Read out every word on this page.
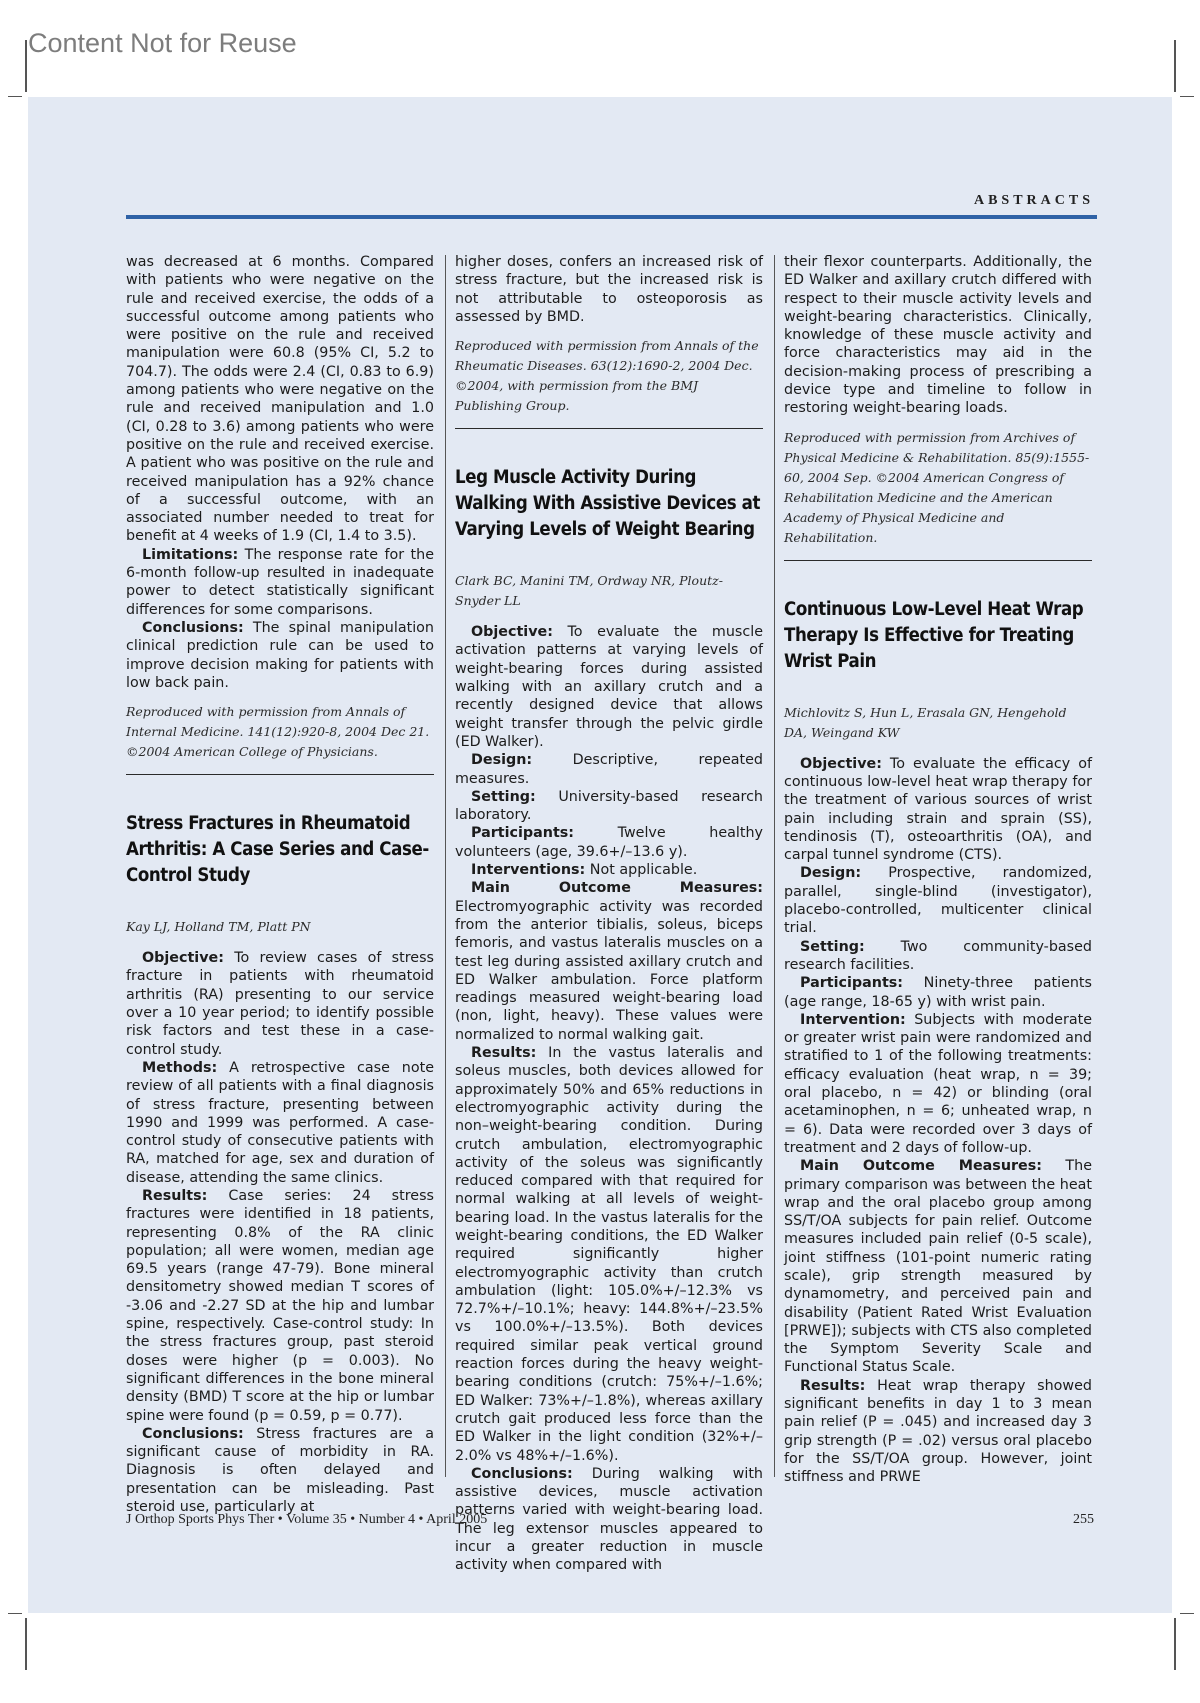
Content Not for Reuse
ABSTRACTS

was decreased at 6 months. Compared with patients who were negative on the rule and received exercise, the odds of a successful outcome among patients who were positive on the rule and received manipulation were 60.8 (95% CI, 5.2 to 704.7). The odds were 2.4 (CI, 0.83 to 6.9) among patients who were negative on the rule and received manipulation and 1.0 (CI, 0.28 to 3.6) among patients who were positive on the rule and received exercise. A patient who was positive on the rule and received manipulation has a 92% chance of a successful outcome, with an associated number needed to treat for benefit at 4 weeks of 1.9 (CI, 1.4 to 3.5).

Limitations: The response rate for the 6-month follow-up resulted in inadequate power to detect statistically significant differences for some comparisons.

Conclusions: The spinal manipulation clinical prediction rule can be used to improve decision making for patients with low back pain.

Reproduced with permission from Annals of Internal Medicine. 141(12):920-8, 2004 Dec 21. ©2004 American College of Physicians.
Stress Fractures in Rheumatoid Arthritis: A Case Series and Case-Control Study
Kay LJ, Holland TM, Platt PN

Objective: To review cases of stress fracture in patients with rheumatoid arthritis (RA) presenting to our service over a 10 year period; to identify possible risk factors and test these in a case-control study.

Methods: A retrospective case note review of all patients with a final diagnosis of stress fracture, presenting between 1990 and 1999 was performed. A case-control study of consecutive patients with RA, matched for age, sex and duration of disease, attending the same clinics.

Results: Case series: 24 stress fractures were identified in 18 patients, representing 0.8% of the RA clinic population; all were women, median age 69.5 years (range 47-79). Bone mineral densitometry showed median T scores of -3.06 and -2.27 SD at the hip and lumbar spine, respectively. Case-control study: In the stress fractures group, past steroid doses were higher (p = 0.003). No significant differences in the bone mineral density (BMD) T score at the hip or lumbar spine were found (p = 0.59, p = 0.77).

Conclusions: Stress fractures are a significant cause of morbidity in RA. Diagnosis is often delayed and presentation can be misleading. Past steroid use, particularly at

higher doses, confers an increased risk of stress fracture, but the increased risk is not attributable to osteoporosis as assessed by BMD.

Reproduced with permission from Annals of the Rheumatic Diseases. 63(12):1690-2, 2004 Dec. ©2004, with permission from the BMJ Publishing Group.
Leg Muscle Activity During Walking With Assistive Devices at Varying Levels of Weight Bearing
Clark BC, Manini TM, Ordway NR, Ploutz-Snyder LL

Objective: To evaluate the muscle activation patterns at varying levels of weight-bearing forces during assisted walking with an axillary crutch and a recently designed device that allows weight transfer through the pelvic girdle (ED Walker).

Design: Descriptive, repeated measures.

Setting: University-based research laboratory.

Participants: Twelve healthy volunteers (age, 39.6+/–13.6 y).

Interventions: Not applicable.

Main Outcome Measures: Electromyographic activity was recorded from the anterior tibialis, soleus, biceps femoris, and vastus lateralis muscles on a test leg during assisted axillary crutch and ED Walker ambulation. Force platform readings measured weight-bearing load (non, light, heavy). These values were normalized to normal walking gait.

Results: In the vastus lateralis and soleus muscles, both devices allowed for approximately 50% and 65% reductions in electromyographic activity during the non–weight-bearing condition. During crutch ambulation, electromyographic activity of the soleus was significantly reduced compared with that required for normal walking at all levels of weight-bearing load. In the vastus lateralis for the weight-bearing conditions, the ED Walker required significantly higher electromyographic activity than crutch ambulation (light: 105.0%+/–12.3% vs 72.7%+/–10.1%; heavy: 144.8%+/–23.5% vs 100.0%+/–13.5%). Both devices required similar peak vertical ground reaction forces during the heavy weight-bearing conditions (crutch: 75%+/–1.6%; ED Walker: 73%+/–1.8%), whereas axillary crutch gait produced less force than the ED Walker in the light condition (32%+/–2.0% vs 48%+/–1.6%).

Conclusions: During walking with assistive devices, muscle activation patterns varied with weight-bearing load. The leg extensor muscles appeared to incur a greater reduction in muscle activity when compared with

their flexor counterparts. Additionally, the ED Walker and axillary crutch differed with respect to their muscle activity levels and weight-bearing characteristics. Clinically, knowledge of these muscle activity and force characteristics may aid in the decision-making process of prescribing a device type and timeline to follow in restoring weight-bearing loads.

Reproduced with permission from Archives of Physical Medicine & Rehabilitation. 85(9):1555-60, 2004 Sep. ©2004 American Congress of Rehabilitation Medicine and the American Academy of Physical Medicine and Rehabilitation.
Continuous Low-Level Heat Wrap Therapy Is Effective for Treating Wrist Pain
Michlovitz S, Hun L, Erasala GN, Hengehold DA, Weingand KW

Objective: To evaluate the efficacy of continuous low-level heat wrap therapy for the treatment of various sources of wrist pain including strain and sprain (SS), tendinosis (T), osteoarthritis (OA), and carpal tunnel syndrome (CTS).

Design: Prospective, randomized, parallel, single-blind (investigator), placebo-controlled, multicenter clinical trial.

Setting: Two community-based research facilities.

Participants: Ninety-three patients (age range, 18-65 y) with wrist pain.

Intervention: Subjects with moderate or greater wrist pain were randomized and stratified to 1 of the following treatments: efficacy evaluation (heat wrap, n = 39; oral placebo, n = 42) or blinding (oral acetaminophen, n = 6; unheated wrap, n = 6). Data were recorded over 3 days of treatment and 2 days of follow-up.

Main Outcome Measures: The primary comparison was between the heat wrap and the oral placebo group among SS/T/OA subjects for pain relief. Outcome measures included pain relief (0-5 scale), joint stiffness (101-point numeric rating scale), grip strength measured by dynamometry, and perceived pain and disability (Patient Rated Wrist Evaluation [PRWE]); subjects with CTS also completed the Symptom Severity Scale and Functional Status Scale.

Results: Heat wrap therapy showed significant benefits in day 1 to 3 mean pain relief (P = .045) and increased day 3 grip strength (P = .02) versus oral placebo for the SS/T/OA group. However, joint stiffness and PRWE

J Orthop Sports Phys Ther • Volume 35 • Number 4 • April 2005	255
